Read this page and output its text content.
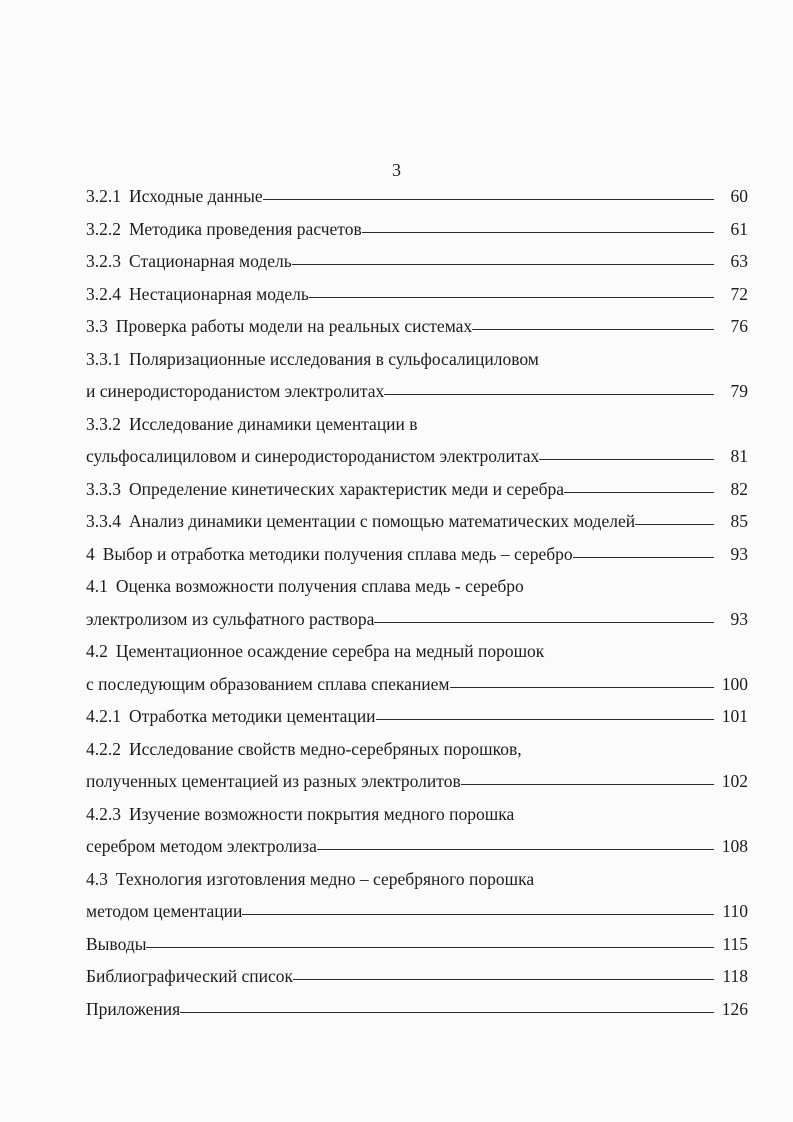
3
3.2.1 Исходные данные	60
3.2.2 Методика проведения расчетов	61
3.2.3 Стационарная модель	63
3.2.4 Нестационарная модель	72
3.3 Проверка работы модели на реальных системах	76
3.3.1 Поляризационные исследования в сульфосалициловом
и синеродистороданистом электролитах	79
3.3.2 Исследование динамики цементации в
сульфосалициловом и синеродистороданистом электролитах	81
3.3.3 Определение кинетических характеристик меди и серебра	82
3.3.4 Анализ динамики цементации с помощью математических моделей	85
4 Выбор и отработка методики получения сплава медь – серебро	93
4.1 Оценка возможности получения сплава медь - серебро
электролизом из сульфатного раствора	93
4.2 Цементационное осаждение серебра на медный порошок
с последующим образованием сплава спеканием	100
4.2.1 Отработка методики цементации	101
4.2.2 Исследование свойств медно-серебряных порошков,
полученных цементацией из разных электролитов	102
4.2.3 Изучение возможности покрытия медного порошка
серебром методом электролиза	108
4.3 Технология изготовления медно – серебряного порошка
методом цементации	110
Выводы	115
Библиографический список	118
Приложения	126
